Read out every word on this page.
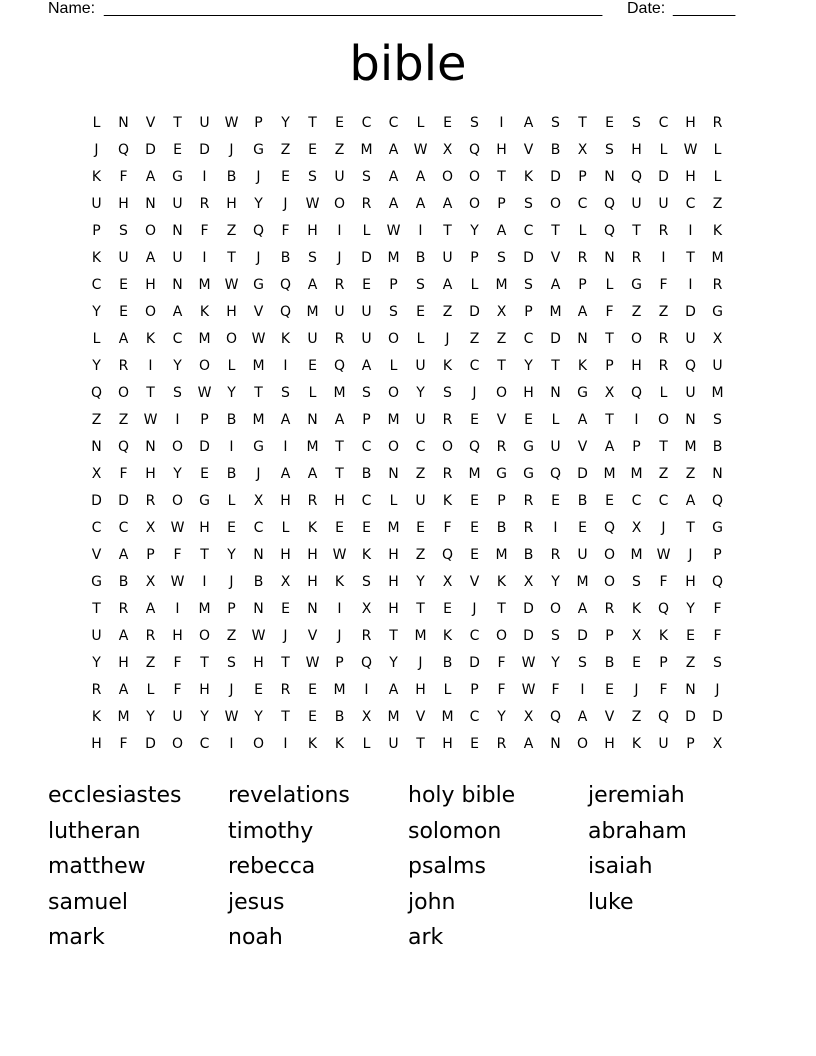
Name: ________________________________________________________ Date: _______
bible
L	N	V	T	U	W	P	Y	T	E	C	C	L	E	S	I	A	S	T	E	S	C	H	R
J	Q	D	E	D	J	G	Z	E	Z	M	A	W	X	Q	H	V	B	X	S	H	L	W	L
K	F	A	G	I	B	J	E	S	U	S	A	A	O	O	T	K	D	P	N	Q	D	H	L
U	H	N	U	R	H	Y	J	W	O	R	A	A	A	O	P	S	O	C	Q	U	U	C	Z
P	S	O	N	F	Z	Q	F	H	I	L	W	I	T	Y	A	C	T	L	Q	T	R	I	K
K	U	A	U	I	T	J	B	S	J	D	M	B	U	P	S	D	V	R	N	R	I	T	M
C	E	H	N	M	W	G	Q	A	R	E	P	S	A	L	M	S	A	P	L	G	F	I	R
Y	E	O	A	K	H	V	Q	M	U	U	S	E	Z	D	X	P	M	A	F	Z	Z	D	G
L	A	K	C	M	O	W	K	U	R	U	O	L	J	Z	Z	C	D	N	T	O	R	U	X
Y	R	I	Y	O	L	M	I	E	Q	A	L	U	K	C	T	Y	T	K	P	H	R	Q	U
Q	O	T	S	W	Y	T	S	L	M	S	O	Y	S	J	O	H	N	G	X	Q	L	U	M
Z	Z	W	I	P	B	M	A	N	A	P	M	U	R	E	V	E	L	A	T	I	O	N	S
N	Q	N	O	D	I	G	I	M	T	C	O	C	O	Q	R	G	U	V	A	P	T	M	B
X	F	H	Y	E	B	J	A	A	T	B	N	Z	R	M	G	G	Q	D	M	M	Z	Z	N
D	D	R	O	G	L	X	H	R	H	C	L	U	K	E	P	R	E	B	E	C	C	A	Q
C	C	X	W	H	E	C	L	K	E	E	M	E	F	E	B	R	I	E	Q	X	J	T	G
V	A	P	F	T	Y	N	H	H	W	K	H	Z	Q	E	M	B	R	U	O	M	W	J	P
G	B	X	W	I	J	B	X	H	K	S	H	Y	X	V	K	X	Y	M	O	S	F	H	Q
T	R	A	I	M	P	N	E	N	I	X	H	T	E	J	T	D	O	A	R	K	Q	Y	F
U	A	R	H	O	Z	W	J	V	J	R	T	M	K	C	O	D	S	D	P	X	K	E	F
Y	H	Z	F	T	S	H	T	W	P	Q	Y	J	B	D	F	W	Y	S	B	E	P	Z	S
R	A	L	F	H	J	E	R	E	M	I	A	H	L	P	F	W	F	I	E	J	F	N	J
K	M	Y	U	Y	W	Y	T	E	B	X	M	V	M	C	Y	X	Q	A	V	Z	Q	D	D
H	F	D	O	C	I	O	I	K	K	L	U	T	H	E	R	A	N	O	H	K	U	P	X
ecclesiastes	revelations	holy bible	jeremiah
lutheran	timothy	solomon	abraham
matthew	rebecca	psalms	isaiah
samuel	jesus	john	luke
mark	noah	ark
